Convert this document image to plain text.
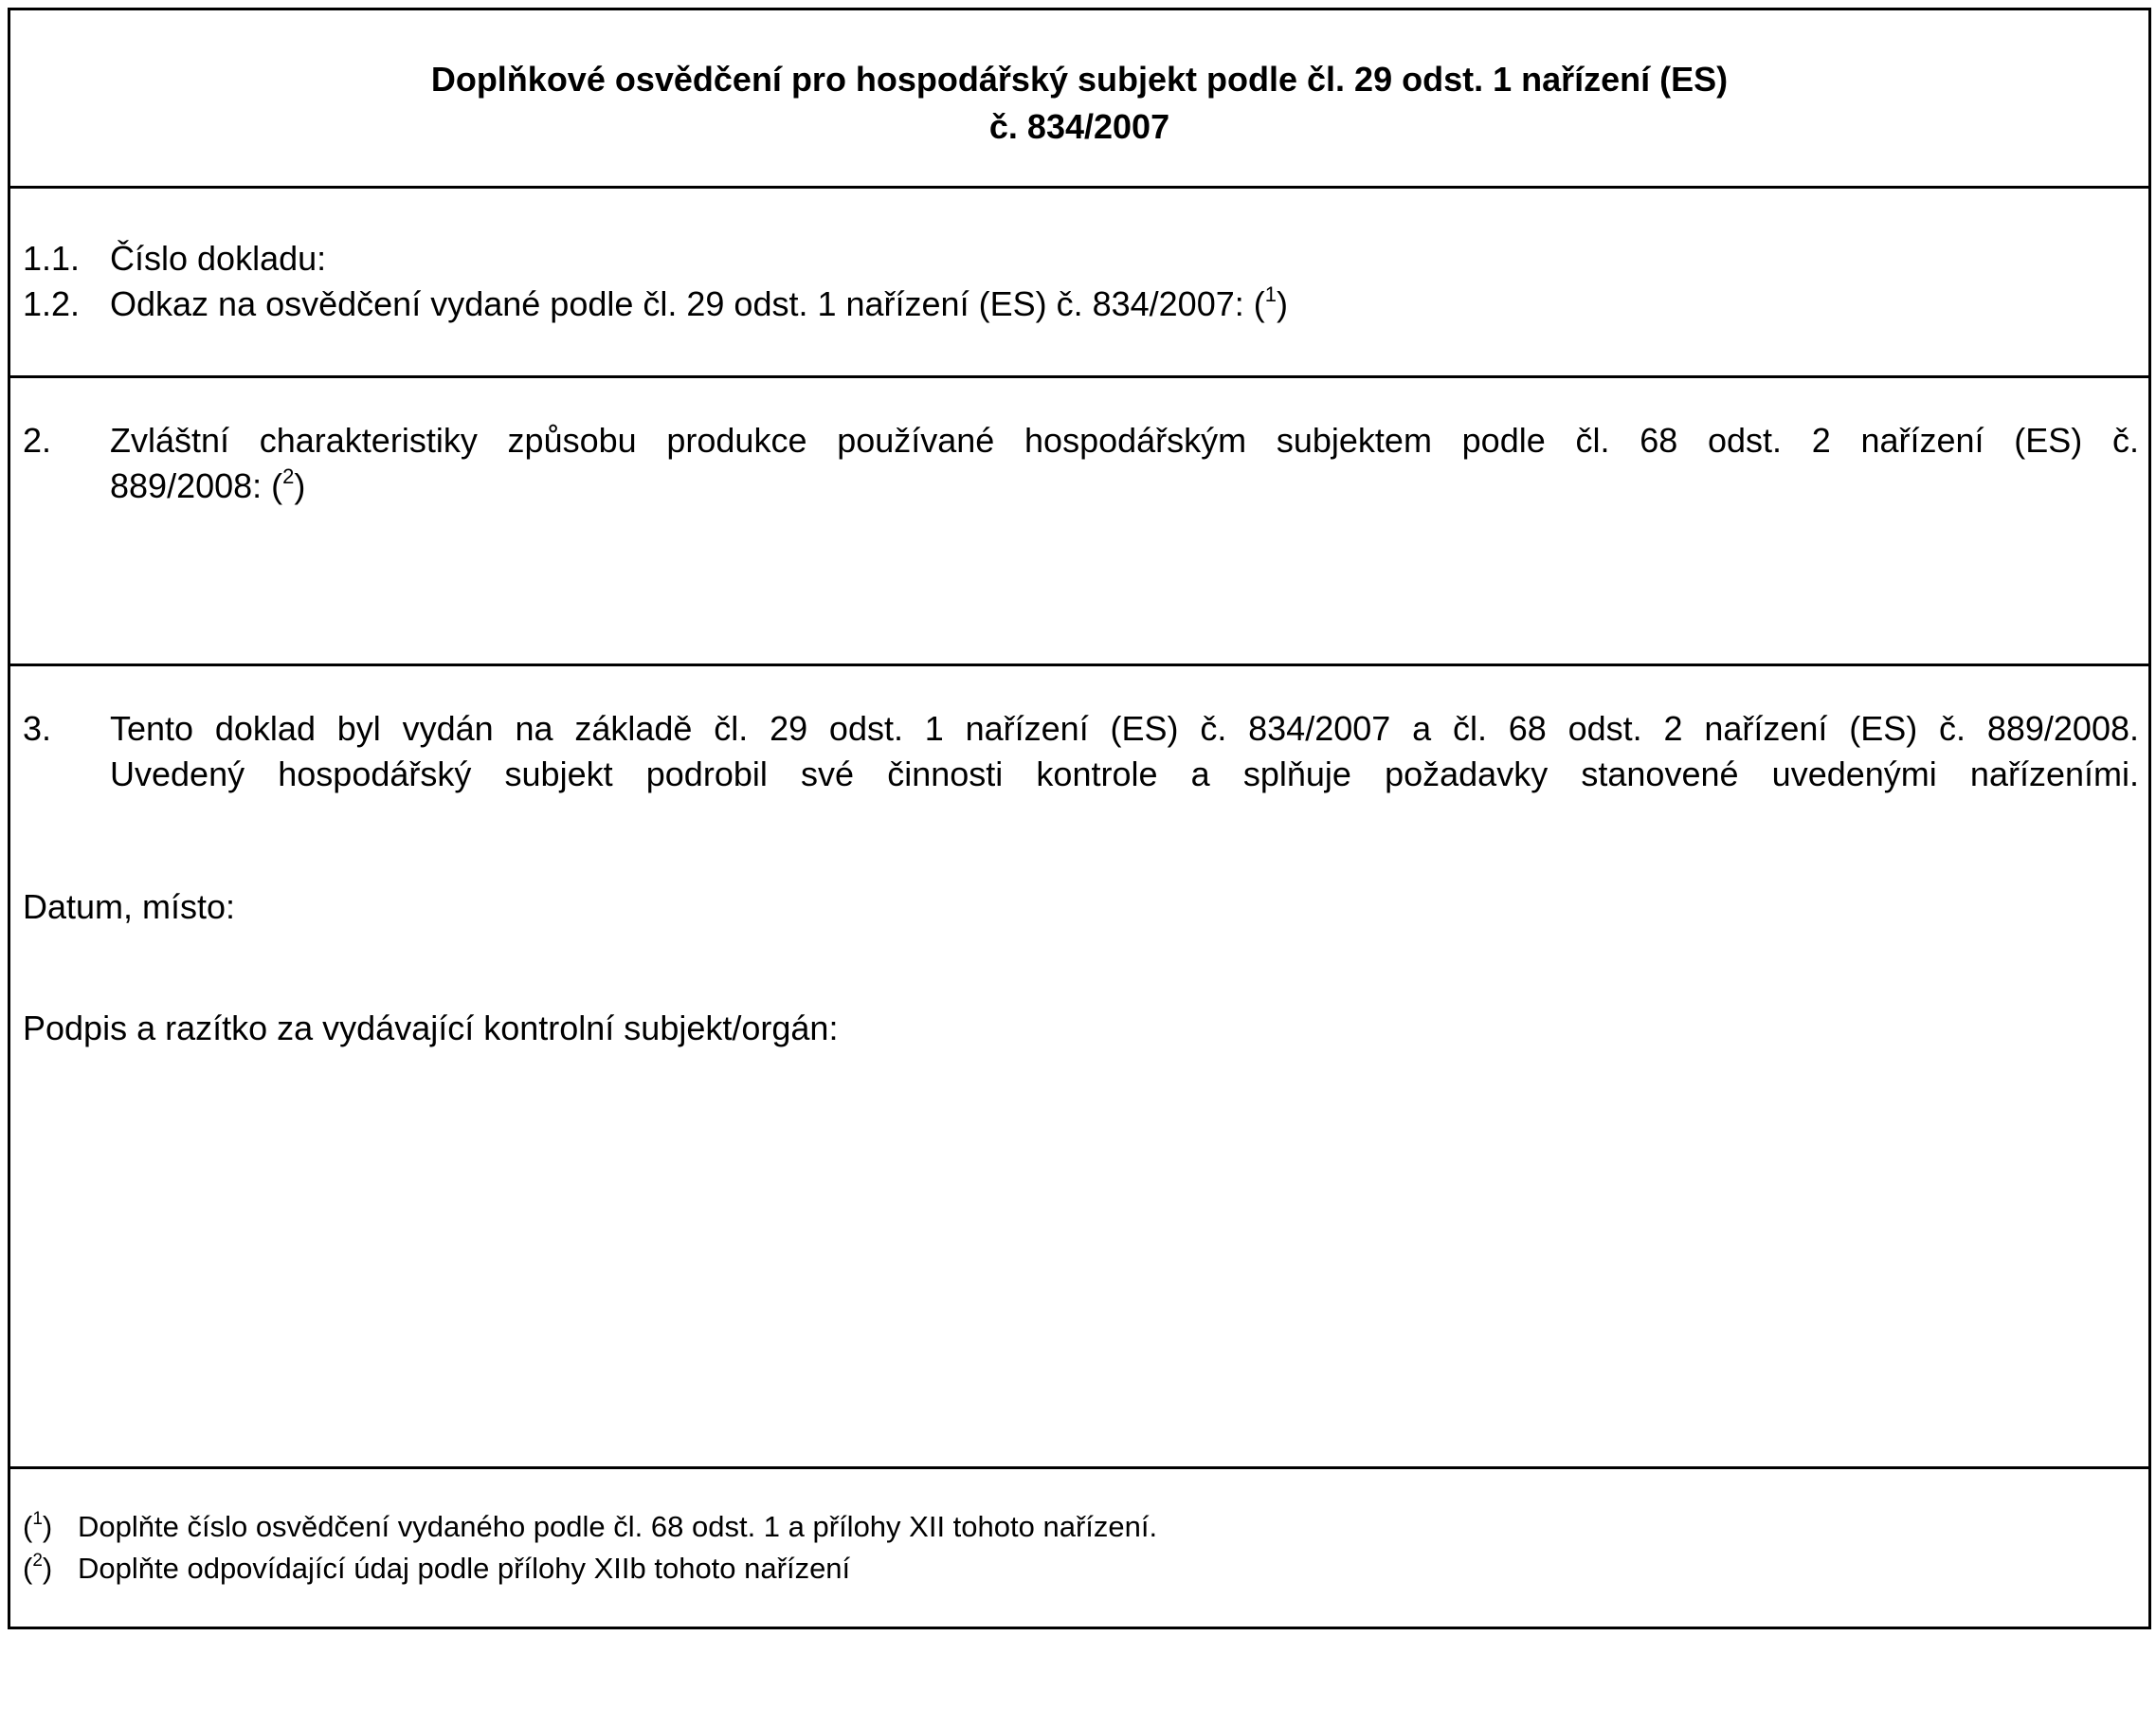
Doplňkové osvědčení pro hospodářský subjekt podle čl. 29 odst. 1 nařízení (ES)
č. 834/2007
1.1. Číslo dokladu:
1.2. Odkaz na osvědčení vydané podle čl. 29 odst. 1 nařízení (ES) č. 834/2007: ($^1$)
2.	Zvláštní charakteristiky způsobu produkce používané hospodářským subjektem podle čl. 68 odst. 2 nařízení (ES) č.
889/2008: ($^2$)
3.	Tento doklad byl vydán na základě čl. 29 odst. 1 nařízení (ES) č. 834/2007 a čl. 68 odst. 2 nařízení (ES) č. 889/2008.
Uvedený hospodářský subjekt podrobil své činnosti kontrole a splňuje požadavky stanovené uvedenými nařízeními.
Datum, místo:
Podpis a razítko za vydávající kontrolní subjekt/orgán:
($^1$) Doplňte číslo osvědčení vydaného podle čl. 68 odst. 1 a přílohy XII tohoto nařízení.
($^2$) Doplňte odpovídající údaj podle přílohy XIIb tohoto nařízení
